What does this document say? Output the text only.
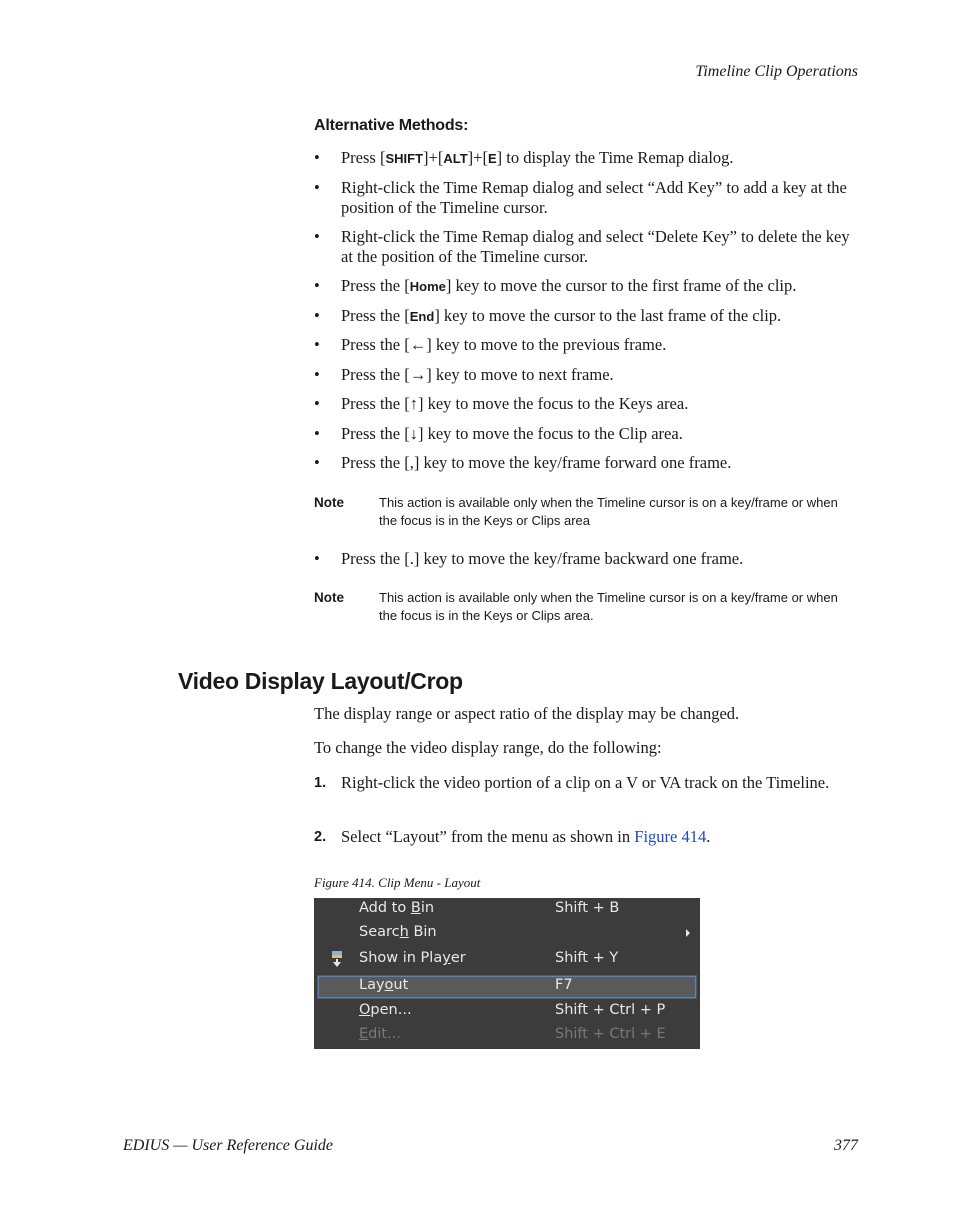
Timeline Clip Operations
Alternative Methods:
• Press [SHIFT]+[ALT]+[E] to display the Time Remap dialog.
• Right-click the Time Remap dialog and select “Add Key” to add a key at the position of the Timeline cursor.
• Right-click the Time Remap dialog and select “Delete Key” to delete the key at the position of the Timeline cursor.
• Press the [Home] key to move the cursor to the first frame of the clip.
• Press the [End] key to move the cursor to the last frame of the clip.
• Press the [←] key to move to the previous frame.
• Press the [→] key to move to next frame.
• Press the [↑] key to move the focus to the Keys area.
• Press the [↓] key to move the focus to the Clip area.
• Press the [,] key to move the key/frame forward one frame.
Note	This action is available only when the Timeline cursor is on a key/frame or when the focus is in the Keys or Clips area
• Press the [.] key to move the key/frame backward one frame.
Note	This action is available only when the Timeline cursor is on a key/frame or when the focus is in the Keys or Clips area.
Video Display Layout/Crop
The display range or aspect ratio of the display may be changed.
To change the video display range, do the following:
1. Right-click the video portion of a clip on a V or VA track on the Timeline.
2. Select “Layout” from the menu as shown in Figure 414.
Figure 414. Clip Menu - Layout
Add to Bin	Shift + B
Search Bin
Show in Player	Shift + Y
Layout	F7
Open...	Shift + Ctrl + P
Edit...	Shift + Ctrl + E
EDIUS — User Reference Guide	377
